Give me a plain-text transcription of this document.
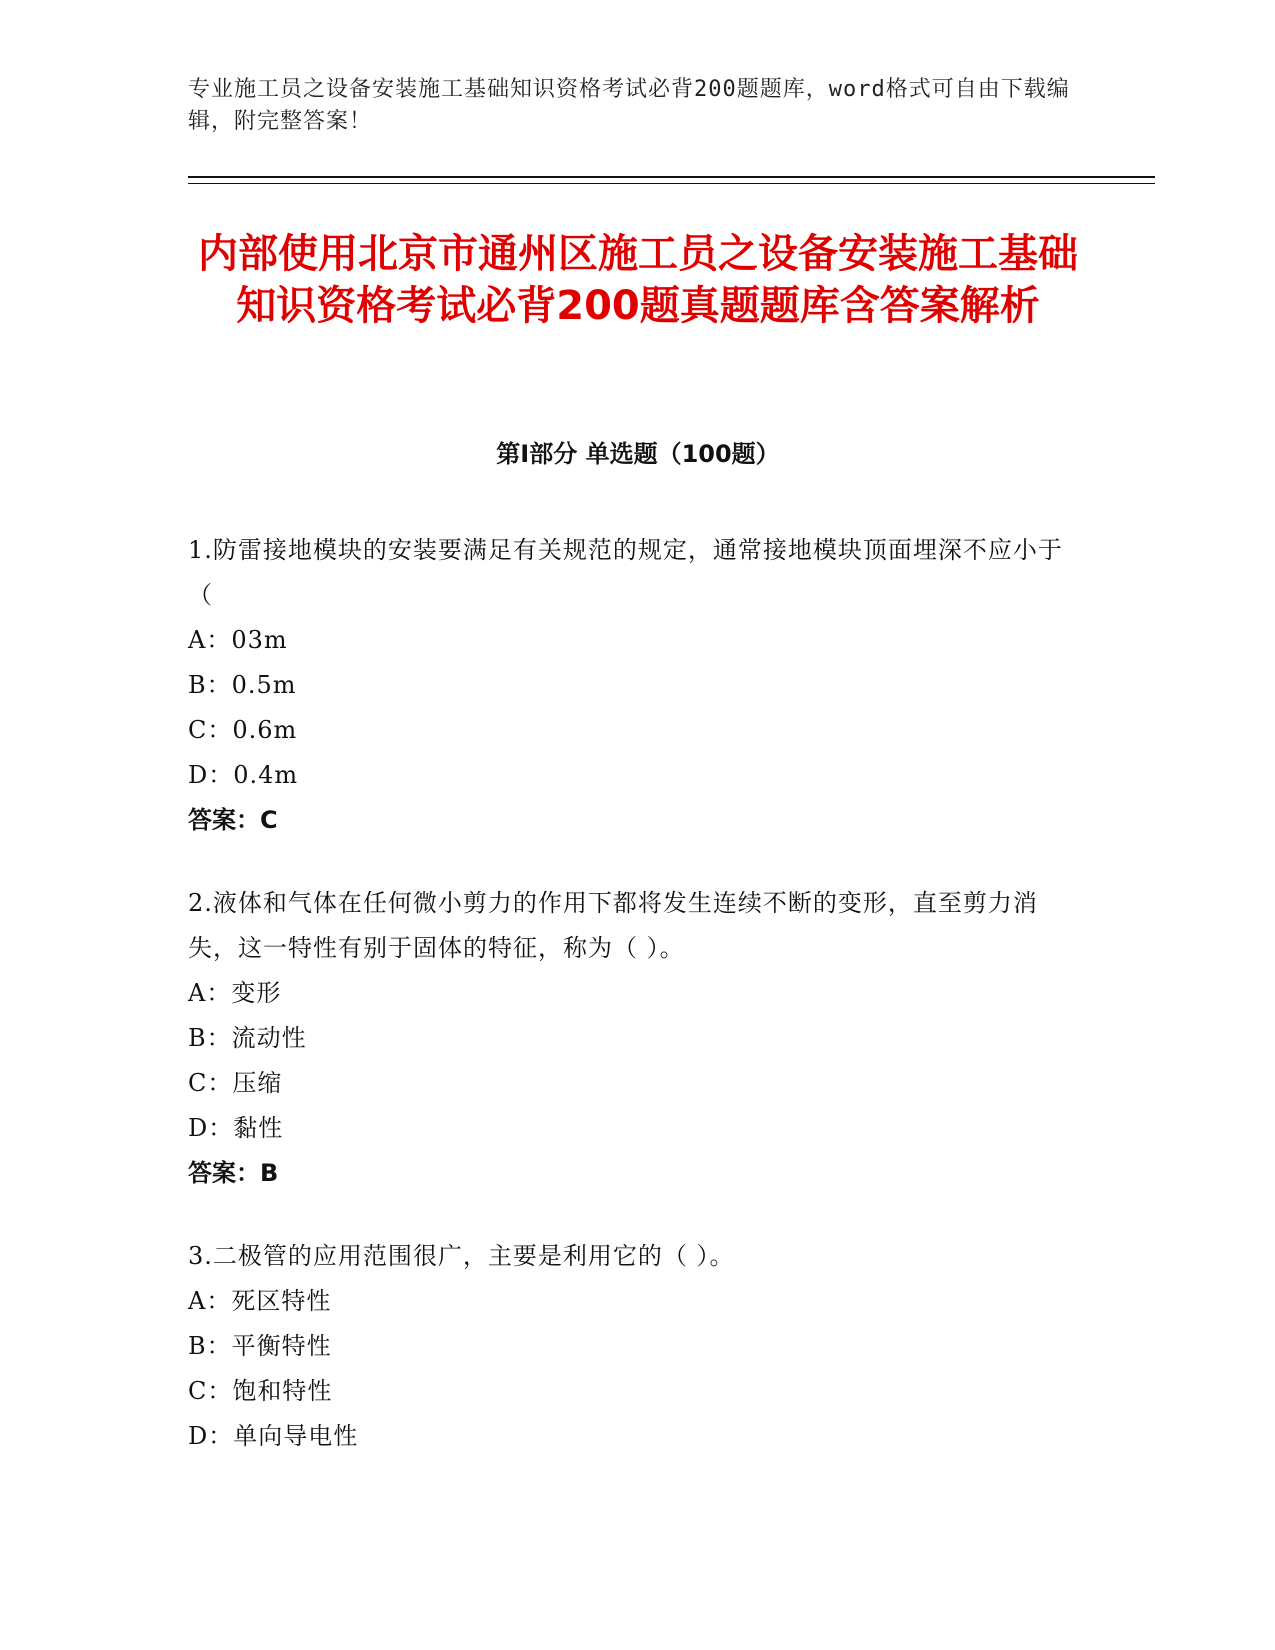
专业施工员之设备安装施工基础知识资格考试必背200题题库，word格式可自由下载编辑，附完整答案！
内部使用北京市通州区施工员之设备安装施工基础知识资格考试必背200题真题题库含答案解析
第Ⅰ部分 单选题（100题）
1.防雷接地模块的安装要满足有关规范的规定，通常接地模块顶面埋深不应小于（
A：03m
B：0.5m
C：0.6m
D：0.4m
答案：C
2.液体和气体在任何微小剪力的作用下都将发生连续不断的变形，直至剪力消失，这一特性有别于固体的特征，称为（ ）。
A：变形
B：流动性
C：压缩
D：黏性
答案：B
3.二极管的应用范围很广，主要是利用它的（ ）。
A：死区特性
B：平衡特性
C：饱和特性
D：单向导电性
